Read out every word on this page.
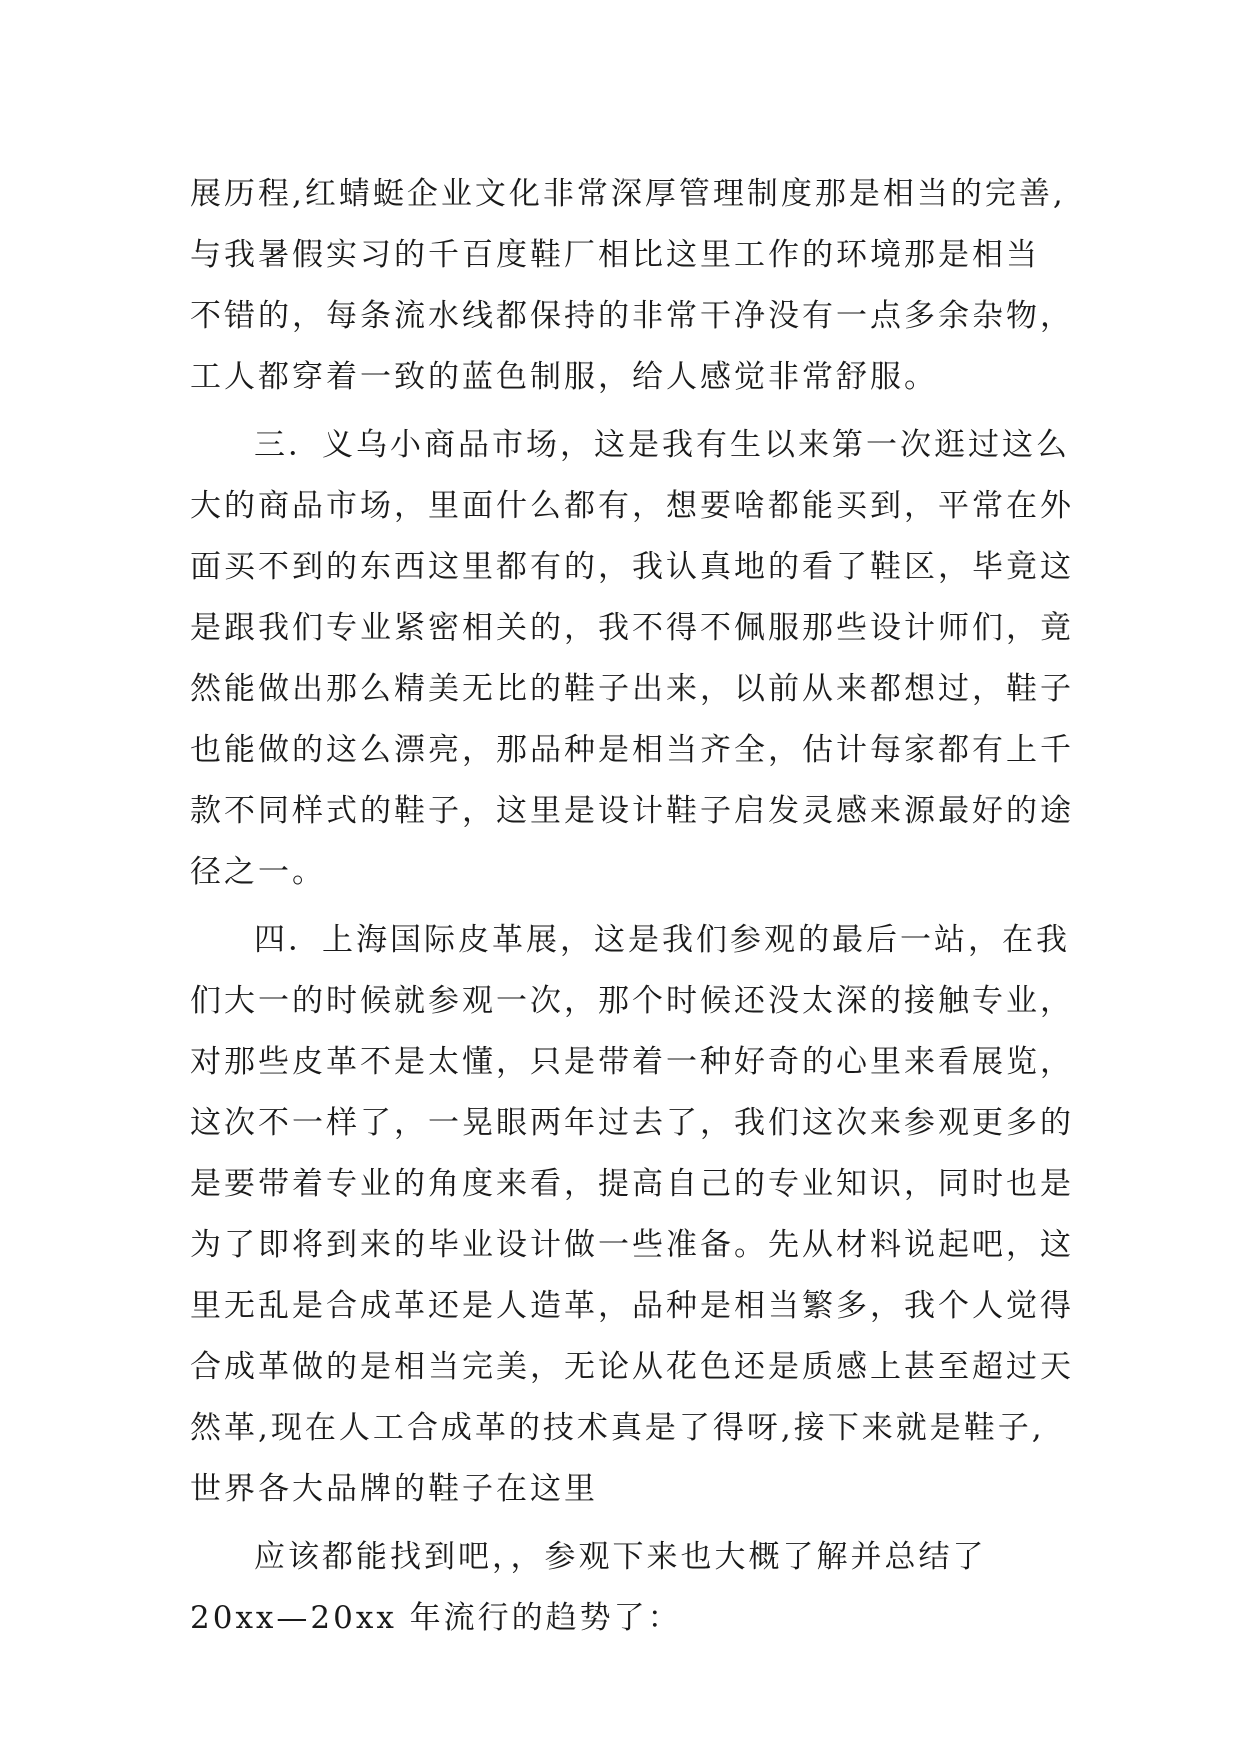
展历程,红蜻蜓企业文化非常深厚管理制度那是相当的完善,
与我暑假实习的千百度鞋厂相比这里工作的环境那是相当
不错的，每条流水线都保持的非常干净没有一点多余杂物，
工人都穿着一致的蓝色制服，给人感觉非常舒服。
三．义乌小商品市场，这是我有生以来第一次逛过这么
大的商品市场，里面什么都有，想要啥都能买到，平常在外
面买不到的东西这里都有的，我认真地的看了鞋区，毕竟这
是跟我们专业紧密相关的，我不得不佩服那些设计师们，竟
然能做出那么精美无比的鞋子出来，以前从来都想过，鞋子
也能做的这么漂亮，那品种是相当齐全，估计每家都有上千
款不同样式的鞋子，这里是设计鞋子启发灵感来源最好的途
径之一。
四．上海国际皮革展，这是我们参观的最后一站，在我
们大一的时候就参观一次，那个时候还没太深的接触专业，
对那些皮革不是太懂，只是带着一种好奇的心里来看展览，
这次不一样了，一晃眼两年过去了，我们这次来参观更多的
是要带着专业的角度来看，提高自己的专业知识，同时也是
为了即将到来的毕业设计做一些准备。先从材料说起吧，这
里无乱是合成革还是人造革，品种是相当繁多，我个人觉得
合成革做的是相当完美，无论从花色还是质感上甚至超过天
然革,现在人工合成革的技术真是了得呀,接下来就是鞋子,
世界各大品牌的鞋子在这里
应该都能找到吧，，参观下来也大概了解并总结了
20xx—20xx 年流行的趋势了：
